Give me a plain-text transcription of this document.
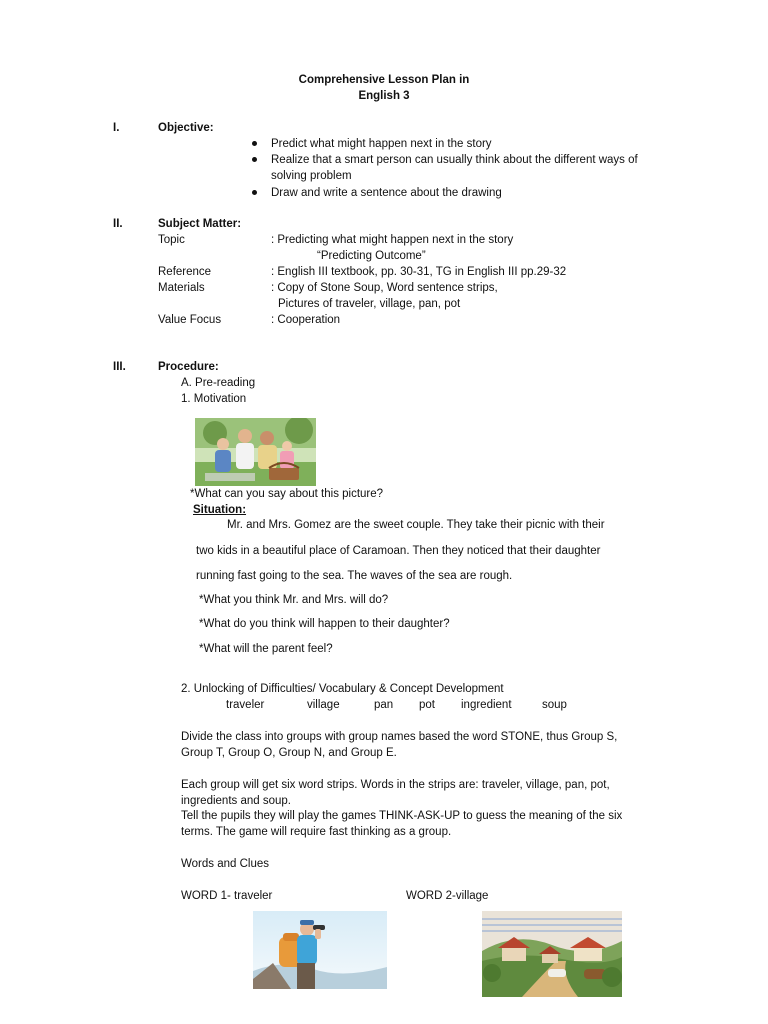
Comprehensive Lesson Plan in
English 3
I.	Objective:
Predict what might happen next in the story
Realize that a smart person can usually think about the different ways of
solving problem
Draw and write a sentence about the drawing
II.	Subject Matter:
Topic	: Predicting what might happen next in the story
“Predicting Outcome”
Reference	: English III textbook, pp. 30-31, TG in English III pp.29-32
Materials	: Copy of Stone Soup, Word sentence strips,
Pictures of traveler, village, pan, pot
Value Focus	: Cooperation
III.	Procedure:
A. Pre-reading
1. Motivation
*What can you say about this picture?
Situation:
Mr. and Mrs. Gomez are the sweet couple. They take their picnic with their
two kids in a beautiful place of Caramoan. Then they noticed that their daughter
running fast going to the sea. The waves of the sea are rough.
*What you think Mr. and Mrs. will do?
*What do you think will happen to their daughter?
*What will the parent feel?
2. Unlocking of Difficulties/ Vocabulary & Concept Development
traveler	village	pan pot ingredient	soup
Divide the class into groups with group names based the word STONE, thus Group S,
Group T, Group O, Group N, and Group E.
Each group will get six word strips. Words in the strips are: traveler, village, pan, pot,
ingredients and soup.
Tell the pupils they will play the games THINK-ASK-UP to guess the meaning of the six
terms. The game will require fast thinking as a group.
Words and Clues
WORD 1- traveler	WORD 2-village
